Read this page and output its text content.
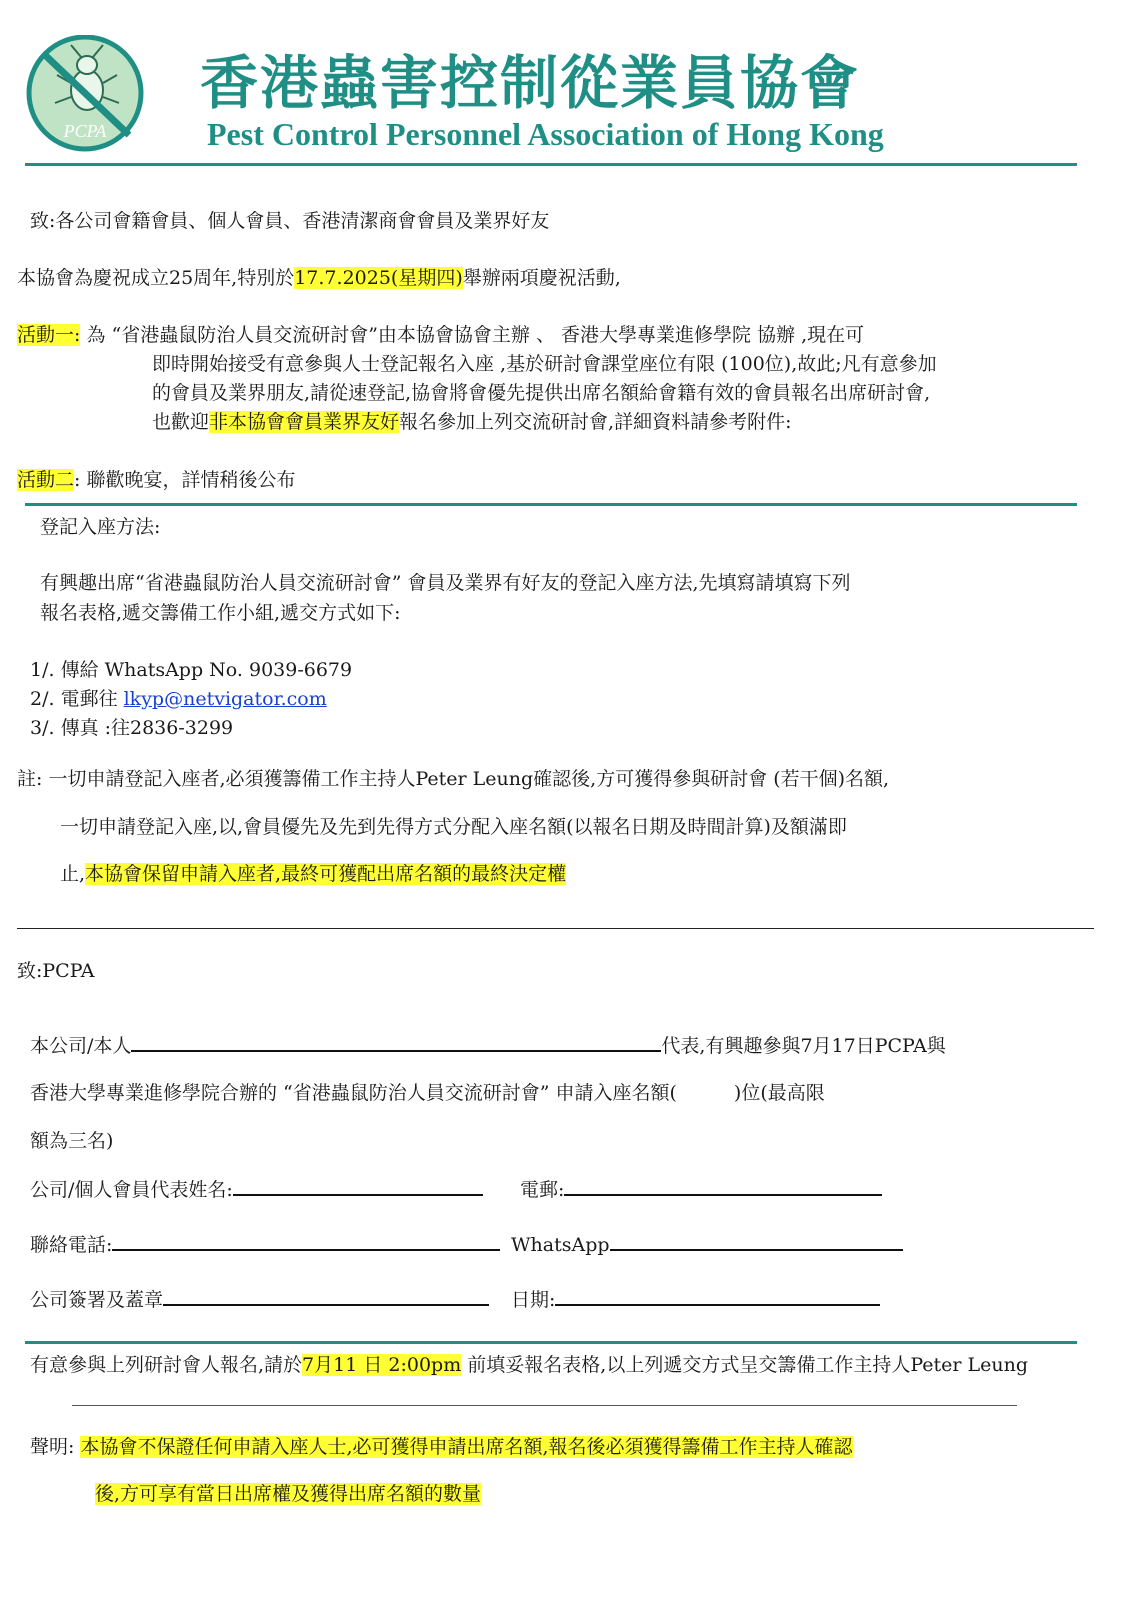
PCPA
香港蟲害控制從業員協會
Pest Control Personnel Association of Hong Kong
致:各公司會籍會員、個人會員、香港清潔商會會員及業界好友
本協會為慶祝成立25周年,特別於17.7.2025(星期四)舉辦兩項慶祝活動,
活動一: 為 “省港蟲鼠防治人員交流研討會”由本協會協會主辦 、 香港大學專業進修學院 協辦 ,現在可
即時開始接受有意參與人士登記報名入座 ,基於研討會課堂座位有限 (100位),故此;凡有意參加
的會員及業界朋友,請從速登記,協會將會優先提供出席名額給會籍有效的會員報名出席研討會,
也歡迎非本協會會員業界友好報名參加上列交流研討會,詳細資料請參考附件:
活動二: 聯歡晚宴，詳情稍後公布
登記入座方法:
有興趣出席“省港蟲鼠防治人員交流研討會” 會員及業界有好友的登記入座方法,先填寫請填寫下列
報名表格,遞交籌備工作小組,遞交方式如下:
1/. 傳給 WhatsApp No. 9039-6679
2/. 電郵往 lkyp@netvigator.com
3/. 傳真 :往2836-3299
註: 一切申請登記入座者,必須獲籌備工作主持人Peter Leung確認後,方可獲得參與研討會 (若干個)名額,
一切申請登記入座,以,會員優先及先到先得方式分配入座名額(以報名日期及時間計算)及額滿即
止,本協會保留申請入座者,最終可獲配出席名額的最終決定權
致:PCPA
本公司/本人	代表,有興趣參與7月17日PCPA與
香港大學專業進修學院合辦的 “省港蟲鼠防治人員交流研討會” 申請入座名額(　　　)位(最高限
額為三名)
公司/個人會員代表姓名:	電郵:
聯絡電話:	WhatsApp
公司簽署及蓋章	日期:
有意參與上列研討會人報名,請於7月11 日 2:00pm 前填妥報名表格,以上列遞交方式呈交籌備工作主持人Peter Leung
聲明: 本協會不保證任何申請入座人士,必可獲得申請出席名額,報名後必須獲得籌備工作主持人確認
後,方可享有當日出席權及獲得出席名額的數量
